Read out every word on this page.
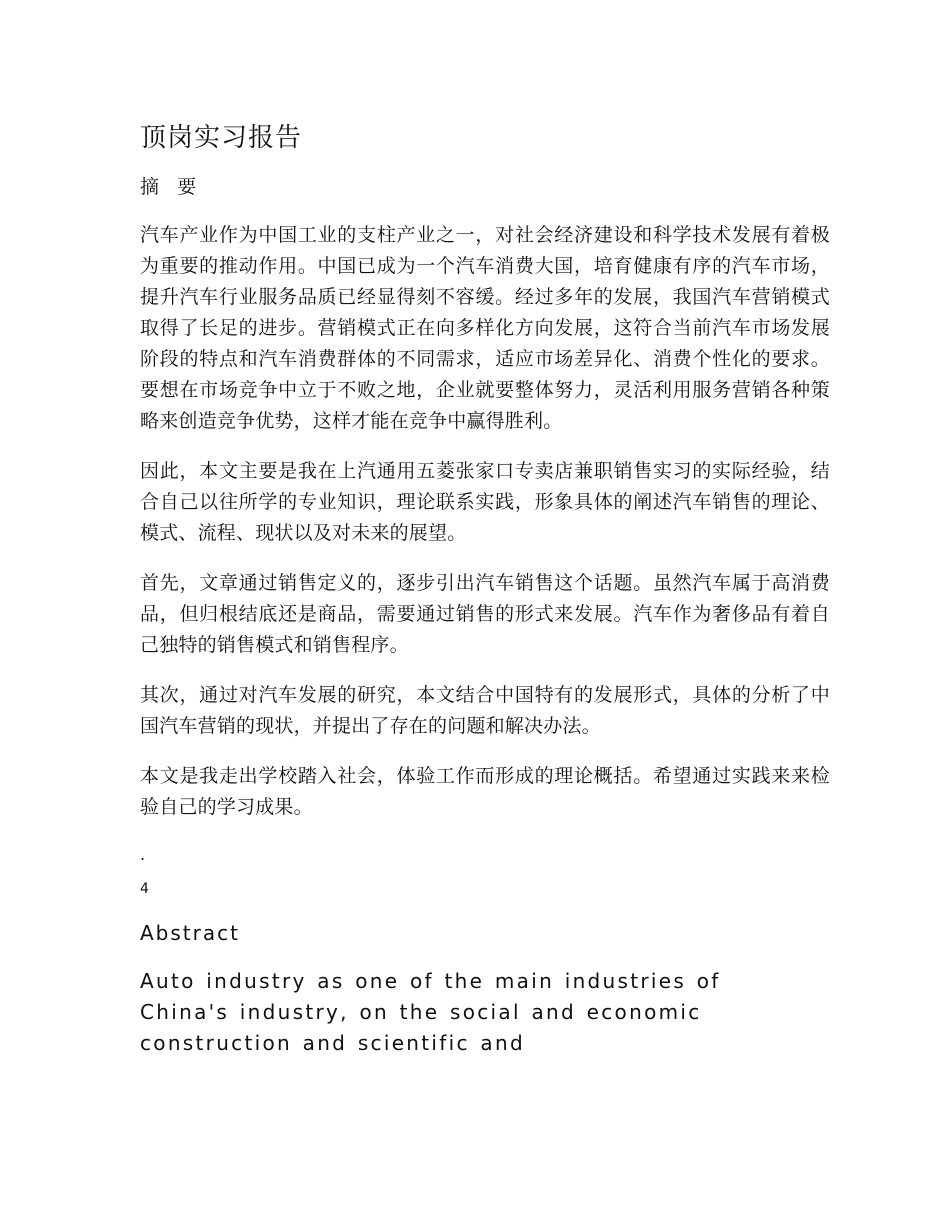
顶岗实习报告
摘  要

汽车产业作为中国工业的支柱产业之一，对社会经济建设和科学技术发展有着极为重要的推动作用。中国已成为一个汽车消费大国，培育健康有序的汽车市场，提升汽车行业服务品质已经显得刻不容缓。经过多年的发展，我国汽车营销模式取得了长足的进步。营销模式正在向多样化方向发展，这符合当前汽车市场发展阶段的特点和汽车消费群体的不同需求，适应市场差异化、消费个性化的要求。要想在市场竞争中立于不败之地，企业就要整体努力，灵活利用服务营销各种策略来创造竞争优势，这样才能在竞争中赢得胜利。

因此，本文主要是我在上汽通用五菱张家口专卖店兼职销售实习的实际经验，结合自己以往所学的专业知识，理论联系实践，形象具体的阐述汽车销售的理论、模式、流程、现状以及对未来的展望。

首先，文章通过销售定义的，逐步引出汽车销售这个话题。虽然汽车属于高消费品，但归根结底还是商品，需要通过销售的形式来发展。汽车作为奢侈品有着自己独特的销售模式和销售程序。

其次，通过对汽车发展的研究，本文结合中国特有的发展形式，具体的分析了中国汽车营销的现状，并提出了存在的问题和解决办法。

本文是我走出学校踏入社会，体验工作而形成的理论概括。希望通过实践来来检验自己的学习成果。

.
4
Abstract

Auto industry as one of the main industries of China's industry, on the social and economic construction and scientific and
